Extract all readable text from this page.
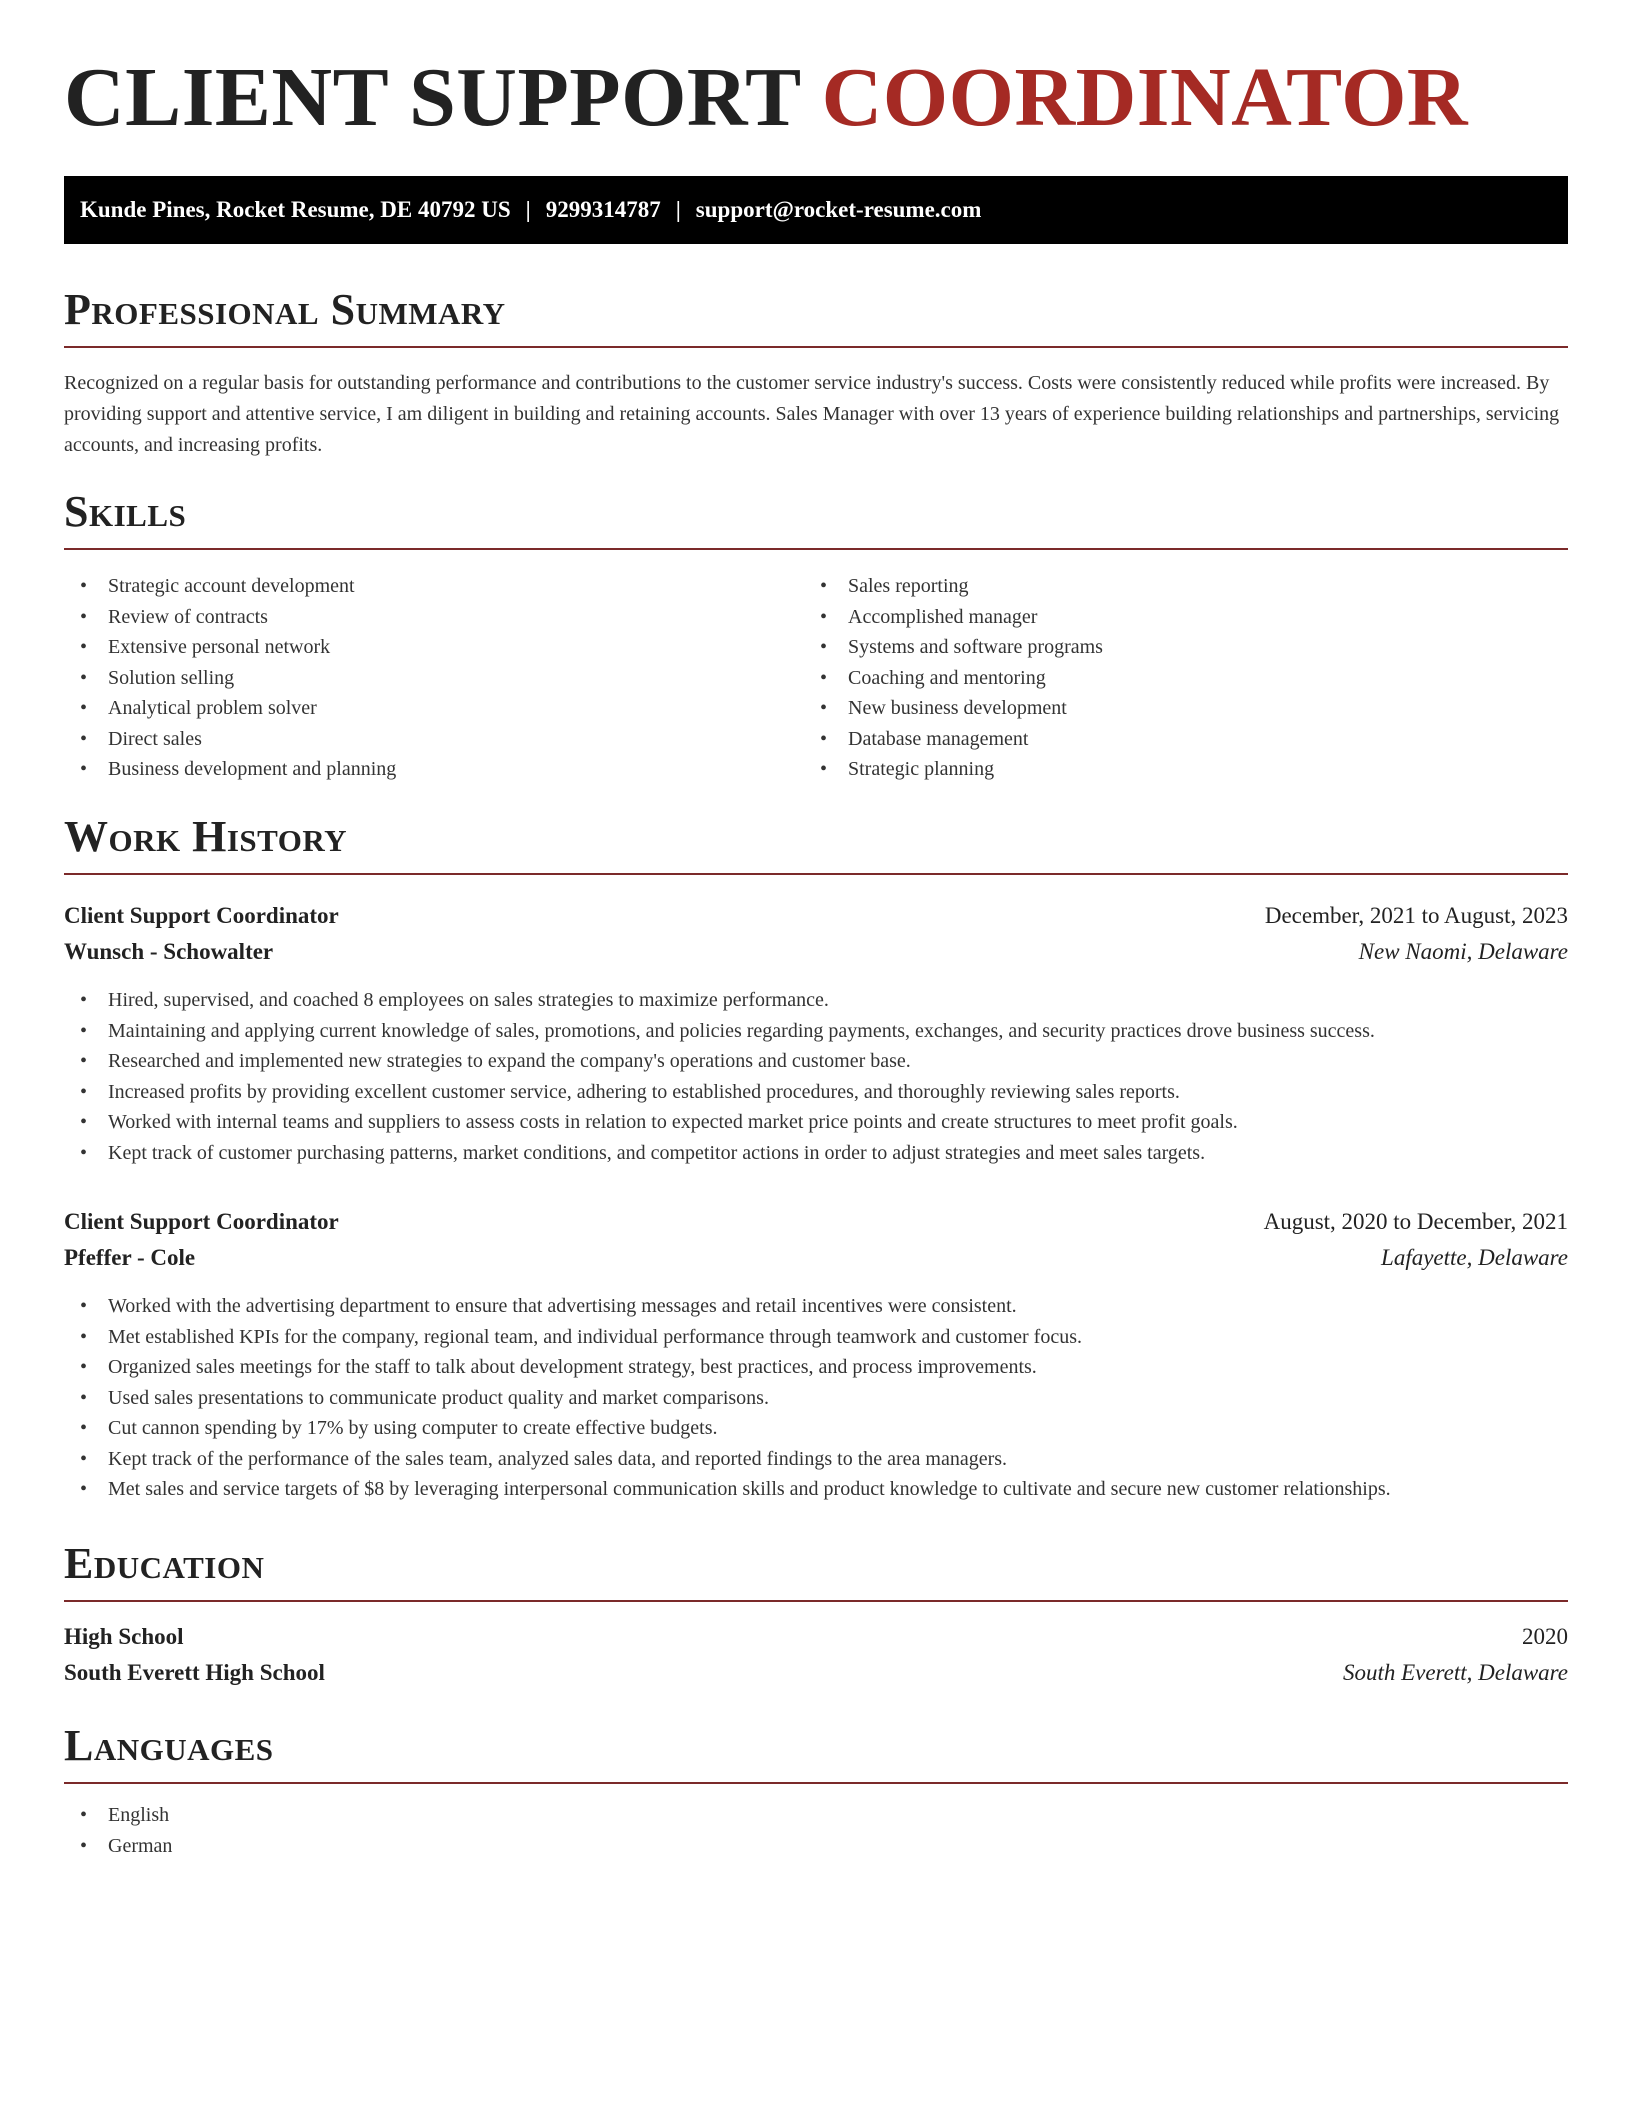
CLIENT SUPPORT COORDINATOR
Kunde Pines, Rocket Resume, DE 40792 US | 9299314787 | support@rocket-resume.com
Professional Summary

Recognized on a regular basis for outstanding performance and contributions to the customer service industry's success. Costs were consistently reduced while profits were increased. By providing support and attentive service, I am diligent in building and retaining accounts. Sales Manager with over 13 years of experience building relationships and partnerships, servicing accounts, and increasing profits.

Skills
• Strategic account development
• Review of contracts
• Extensive personal network
• Solution selling
• Analytical problem solver
• Direct sales
• Business development and planning
• Sales reporting
• Accomplished manager
• Systems and software programs
• Coaching and mentoring
• New business development
• Database management
• Strategic planning
Work History
Client Support Coordinator	December, 2021 to August, 2023
Wunsch - Schowalter	New Naomi, Delaware
• Hired, supervised, and coached 8 employees on sales strategies to maximize performance.
• Maintaining and applying current knowledge of sales, promotions, and policies regarding payments, exchanges, and security practices drove business success.
• Researched and implemented new strategies to expand the company's operations and customer base.
• Increased profits by providing excellent customer service, adhering to established procedures, and thoroughly reviewing sales reports.
• Worked with internal teams and suppliers to assess costs in relation to expected market price points and create structures to meet profit goals.
• Kept track of customer purchasing patterns, market conditions, and competitor actions in order to adjust strategies and meet sales targets.
Client Support Coordinator	August, 2020 to December, 2021
Pfeffer - Cole	Lafayette, Delaware
• Worked with the advertising department to ensure that advertising messages and retail incentives were consistent.
• Met established KPIs for the company, regional team, and individual performance through teamwork and customer focus.
• Organized sales meetings for the staff to talk about development strategy, best practices, and process improvements.
• Used sales presentations to communicate product quality and market comparisons.
• Cut cannon spending by 17% by using computer to create effective budgets.
• Kept track of the performance of the sales team, analyzed sales data, and reported findings to the area managers.
• Met sales and service targets of $8 by leveraging interpersonal communication skills and product knowledge to cultivate and secure new customer relationships.
Education
High School	2020
South Everett High School	South Everett, Delaware
Languages
• English
• German
